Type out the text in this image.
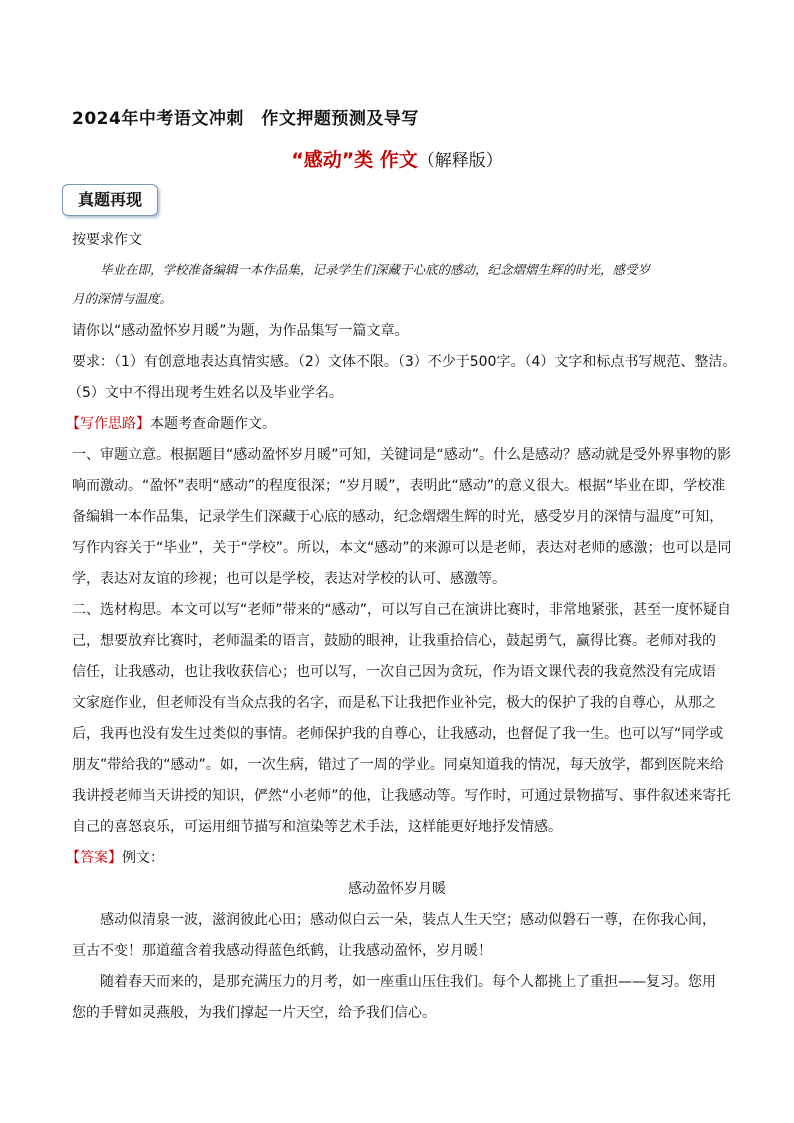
2024年中考语文冲刺　作文押题预测及导写
“感动”类 作文（解释版）
真题再现
按要求作文
毕业在即，学校准备编辑一本作品集，记录学生们深藏于心底的感动，纪念熠熠生辉的时光，感受岁
月的深情与温度。
请你以“感动盈怀岁月暖”为题，为作品集写一篇文章。
要求：（1）有创意地表达真情实感。（2）文体不限。（3）不少于500字。（4）文字和标点书写规范、整洁。
（5）文中不得出现考生姓名以及毕业学名。
【写作思路】本题考查命题作文。
一、审题立意。根据题目“感动盈怀岁月暖”可知，关键词是“感动”。什么是感动？感动就是受外界事物的影
响而激动。“盈怀”表明“感动”的程度很深；“岁月暖”，表明此“感动”的意义很大。根据“毕业在即，学校准
备编辑一本作品集，记录学生们深藏于心底的感动，纪念熠熠生辉的时光，感受岁月的深情与温度”可知，
写作内容关于“毕业”，关于“学校”。所以，本文“感动”的来源可以是老师，表达对老师的感激；也可以是同
学，表达对友谊的珍视；也可以是学校，表达对学校的认可、感激等。
二、选材构思。本文可以写“老师”带来的“感动”，可以写自己在演讲比赛时，非常地紧张，甚至一度怀疑自
己，想要放弃比赛时，老师温柔的语言，鼓励的眼神，让我重拾信心，鼓起勇气，赢得比赛。老师对我的
信任，让我感动，也让我收获信心；也可以写，一次自己因为贪玩，作为语文课代表的我竟然没有完成语
文家庭作业，但老师没有当众点我的名字，而是私下让我把作业补完，极大的保护了我的自尊心，从那之
后，我再也没有发生过类似的事情。老师保护我的自尊心，让我感动，也督促了我一生。也可以写“同学或
朋友”带给我的“感动”。如，一次生病，错过了一周的学业。同桌知道我的情况，每天放学，都到医院来给
我讲授老师当天讲授的知识，俨然“小老师”的他，让我感动等。写作时，可通过景物描写、事件叙述来寄托
自己的喜怒哀乐，可运用细节描写和渲染等艺术手法，这样能更好地抒发情感。
【答案】例文：
感动盈怀岁月暖
感动似清泉一波，滋润彼此心田；感动似白云一朵，装点人生天空；感动似磐石一尊，在你我心间，
亘古不变！那道蕴含着我感动得蓝色纸鹤，让我感动盈怀，岁月暖！
随着春天而来的，是那充满压力的月考，如一座重山压住我们。每个人都挑上了重担——复习。您用
您的手臂如灵燕般，为我们撑起一片天空，给予我们信心。
